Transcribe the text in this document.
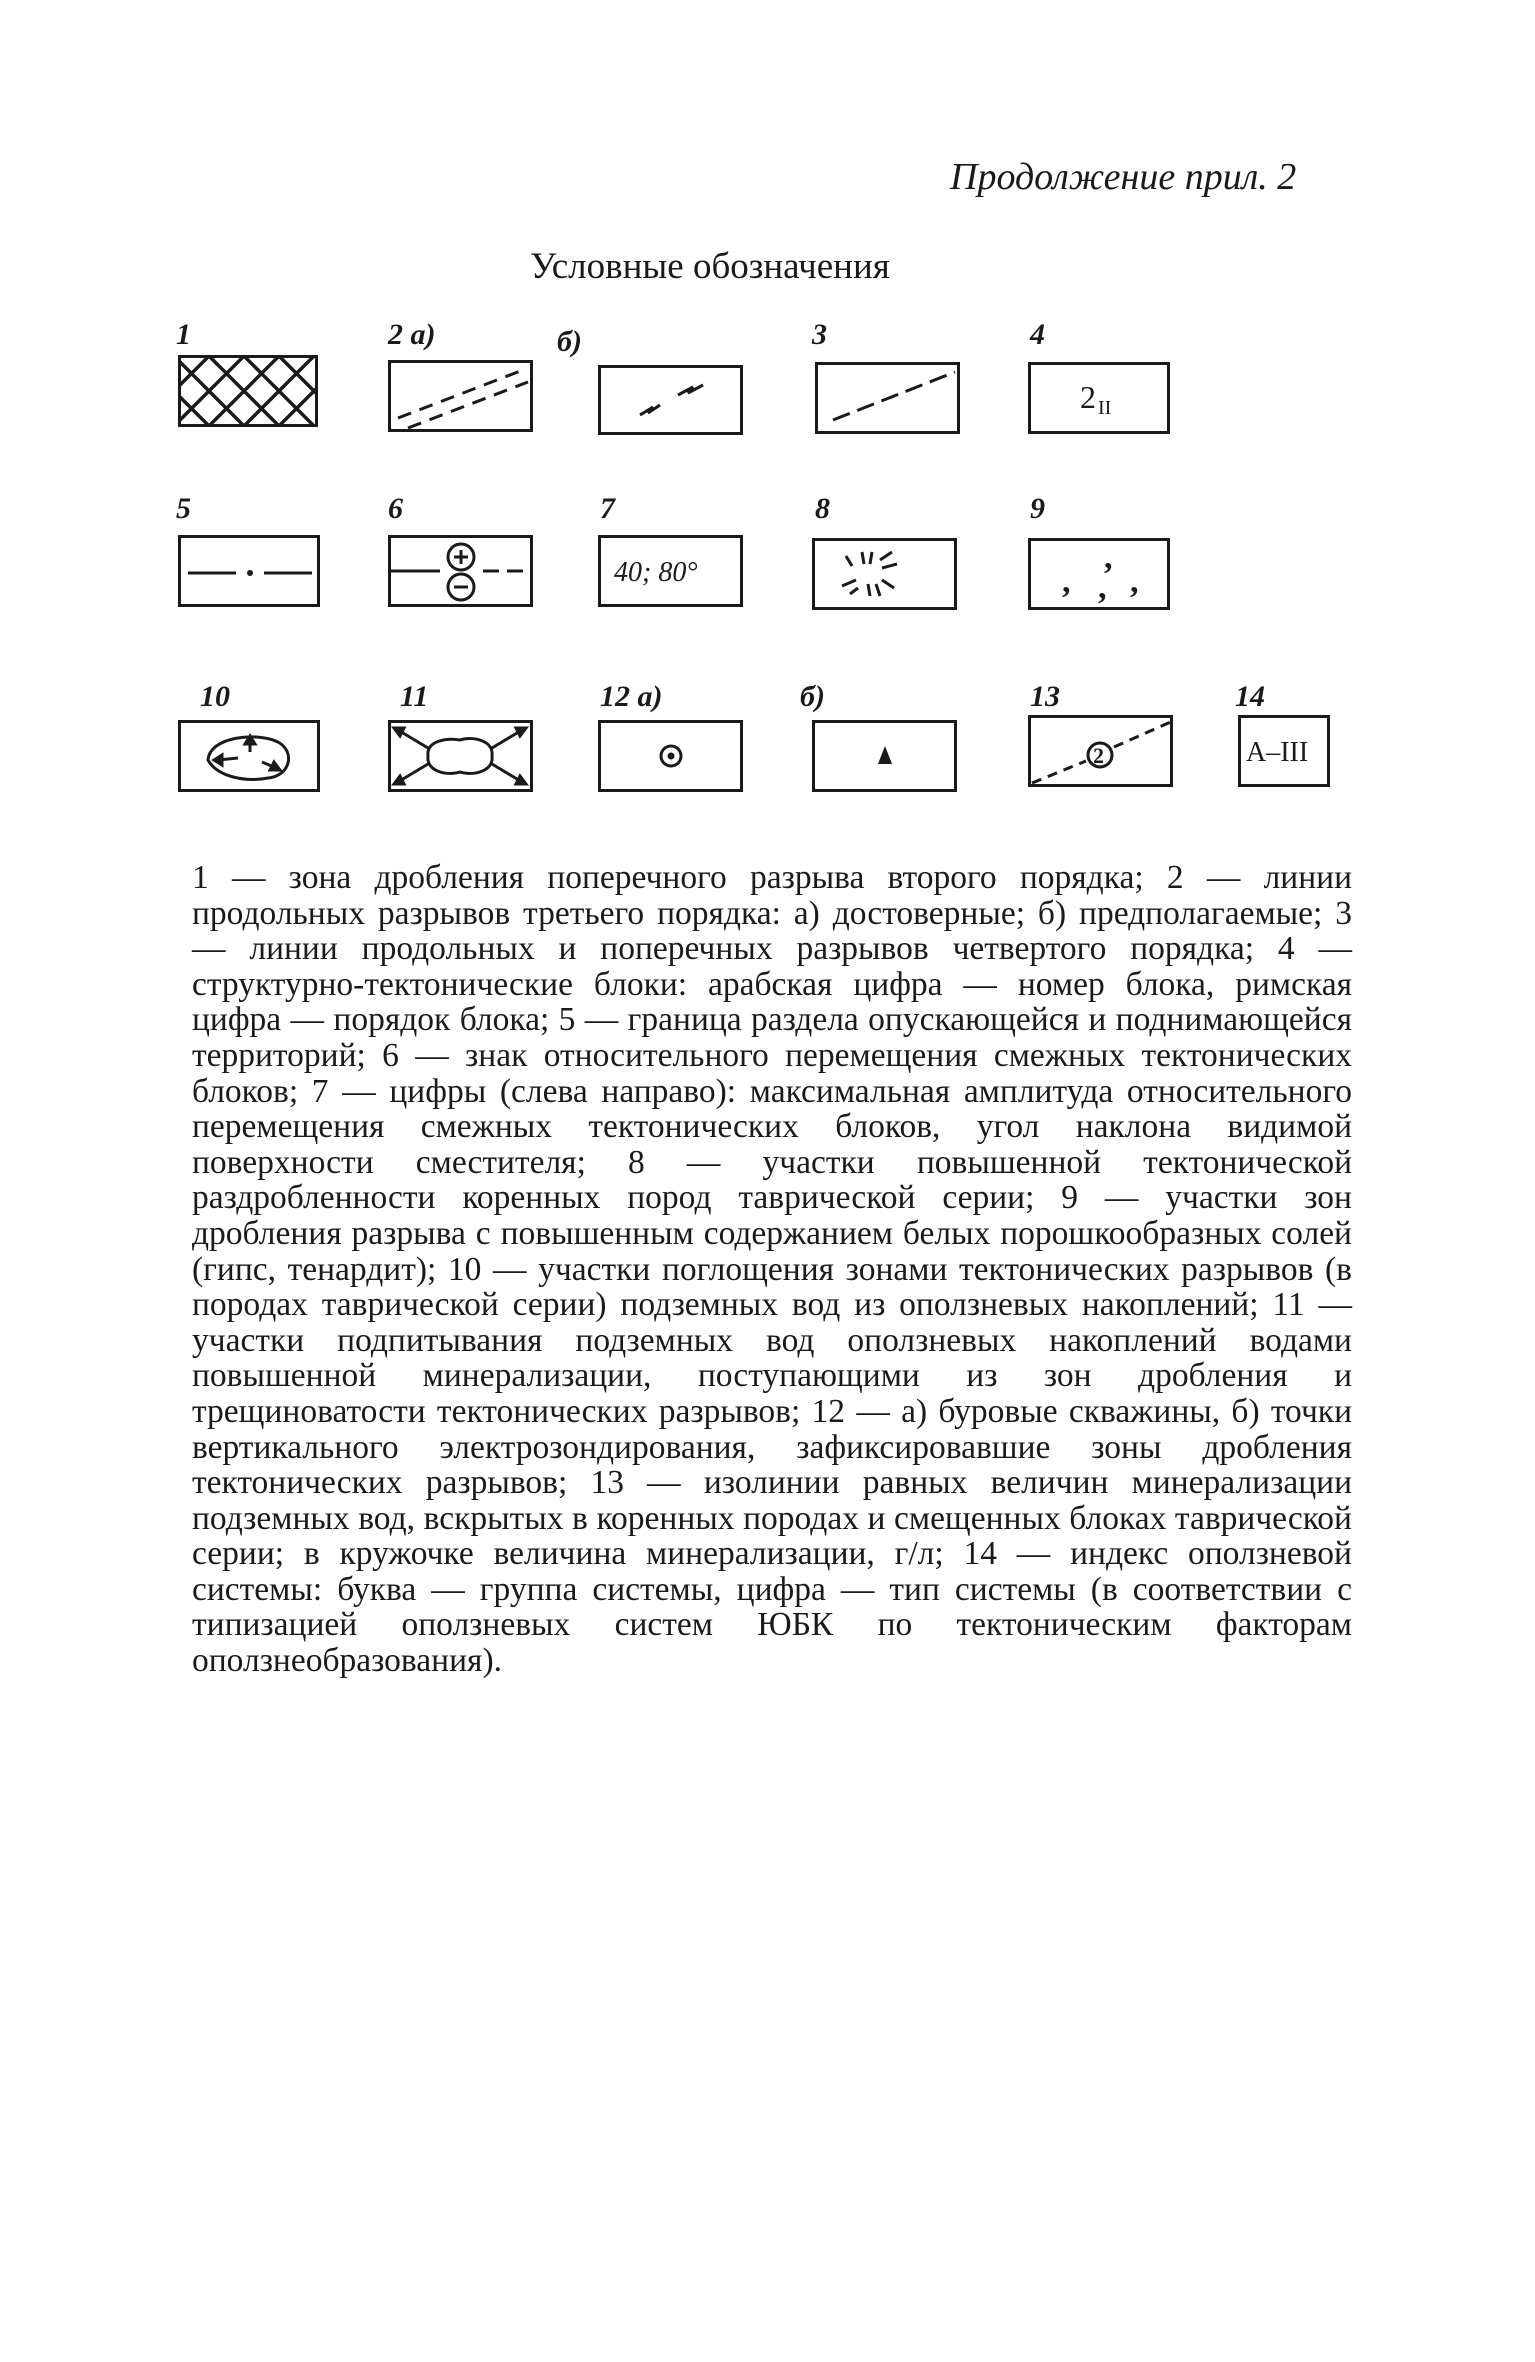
Продолжение прил. 2
Условные обозначения
1	2 а)	б)	3	4
2 II
5	6	7
40; 80°
8	9
,
,
, ,
10	11	12 а)	б)	13
2
14
А–III
1 — зона дробления поперечного разрыва второго порядка; 2 — линии продольных разрывов третьего порядка: а) достоверные; б) предполагаемые; 3 — линии продольных и поперечных разрывов четвертого порядка; 4 — структурно-тектонические блоки: арабская цифра — номер блока, римская цифра — порядок блока; 5 — граница раздела опускающейся и поднимающейся территорий; 6 — знак относительного перемещения смежных тектонических блоков; 7 — цифры (слева направо): максимальная амплитуда относительного перемещения смежных тектонических блоков, угол наклона видимой поверхности сместителя; 8 — участки повышенной тектонической раздробленности коренных пород таврической серии; 9 — участки зон дробления разрыва с повышенным содержанием белых порошкообразных солей (гипс, тенардит); 10 — участки поглощения зонами тектонических разрывов (в породах таврической серии) подземных вод из оползневых накоплений; 11 — участки подпитывания подземных вод оползневых накоплений водами повышенной минерализации, поступающими из зон дробления и трещиноватости тектонических разрывов; 12 — а) буровые скважины, б) точки вертикального электрозондирования, зафиксировавшие зоны дробления тектонических разрывов; 13 — изолинии равных величин минерализации подземных вод, вскрытых в коренных породах и смещенных блоках таврической серии; в кружочке величина минерализации, г/л; 14 — индекс оползневой системы: буква — группа системы, цифра — тип системы (в соответствии с типизацией оползневых систем ЮБК по тектоническим факторам оползнеобразования).
